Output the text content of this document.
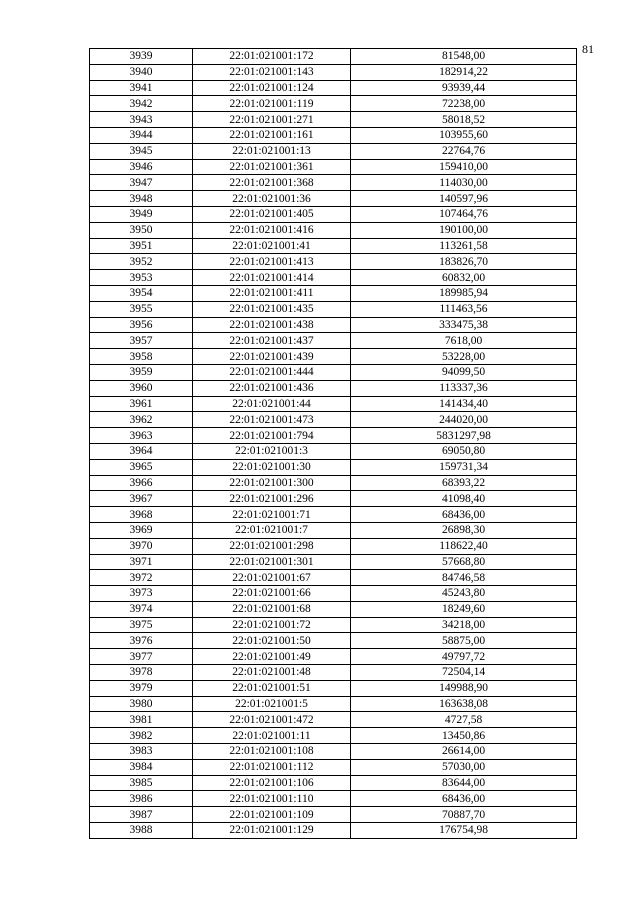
81
3939	22:01:021001:172	81548,00
3940	22:01:021001:143	182914,22
3941	22:01:021001:124	93939,44
3942	22:01:021001:119	72238,00
3943	22:01:021001:271	58018,52
3944	22:01:021001:161	103955,60
3945	22:01:021001:13	22764,76
3946	22:01:021001:361	159410,00
3947	22:01:021001:368	114030,00
3948	22:01:021001:36	140597,96
3949	22:01:021001:405	107464,76
3950	22:01:021001:416	190100,00
3951	22:01:021001:41	113261,58
3952	22:01:021001:413	183826,70
3953	22:01:021001:414	60832,00
3954	22:01:021001:411	189985,94
3955	22:01:021001:435	111463,56
3956	22:01:021001:438	333475,38
3957	22:01:021001:437	7618,00
3958	22:01:021001:439	53228,00
3959	22:01:021001:444	94099,50
3960	22:01:021001:436	113337,36
3961	22:01:021001:44	141434,40
3962	22:01:021001:473	244020,00
3963	22:01:021001:794	5831297,98
3964	22:01:021001:3	69050,80
3965	22:01:021001:30	159731,34
3966	22:01:021001:300	68393,22
3967	22:01:021001:296	41098,40
3968	22:01:021001:71	68436,00
3969	22:01:021001:7	26898,30
3970	22:01:021001:298	118622,40
3971	22:01:021001:301	57668,80
3972	22:01:021001:67	84746,58
3973	22:01:021001:66	45243,80
3974	22:01:021001:68	18249,60
3975	22:01:021001:72	34218,00
3976	22:01:021001:50	58875,00
3977	22:01:021001:49	49797,72
3978	22:01:021001:48	72504,14
3979	22:01:021001:51	149988,90
3980	22:01:021001:5	163638,08
3981	22:01:021001:472	4727,58
3982	22:01:021001:11	13450,86
3983	22:01:021001:108	26614,00
3984	22:01:021001:112	57030,00
3985	22:01:021001:106	83644,00
3986	22:01:021001:110	68436,00
3987	22:01:021001:109	70887,70
3988	22:01:021001:129	176754,98
